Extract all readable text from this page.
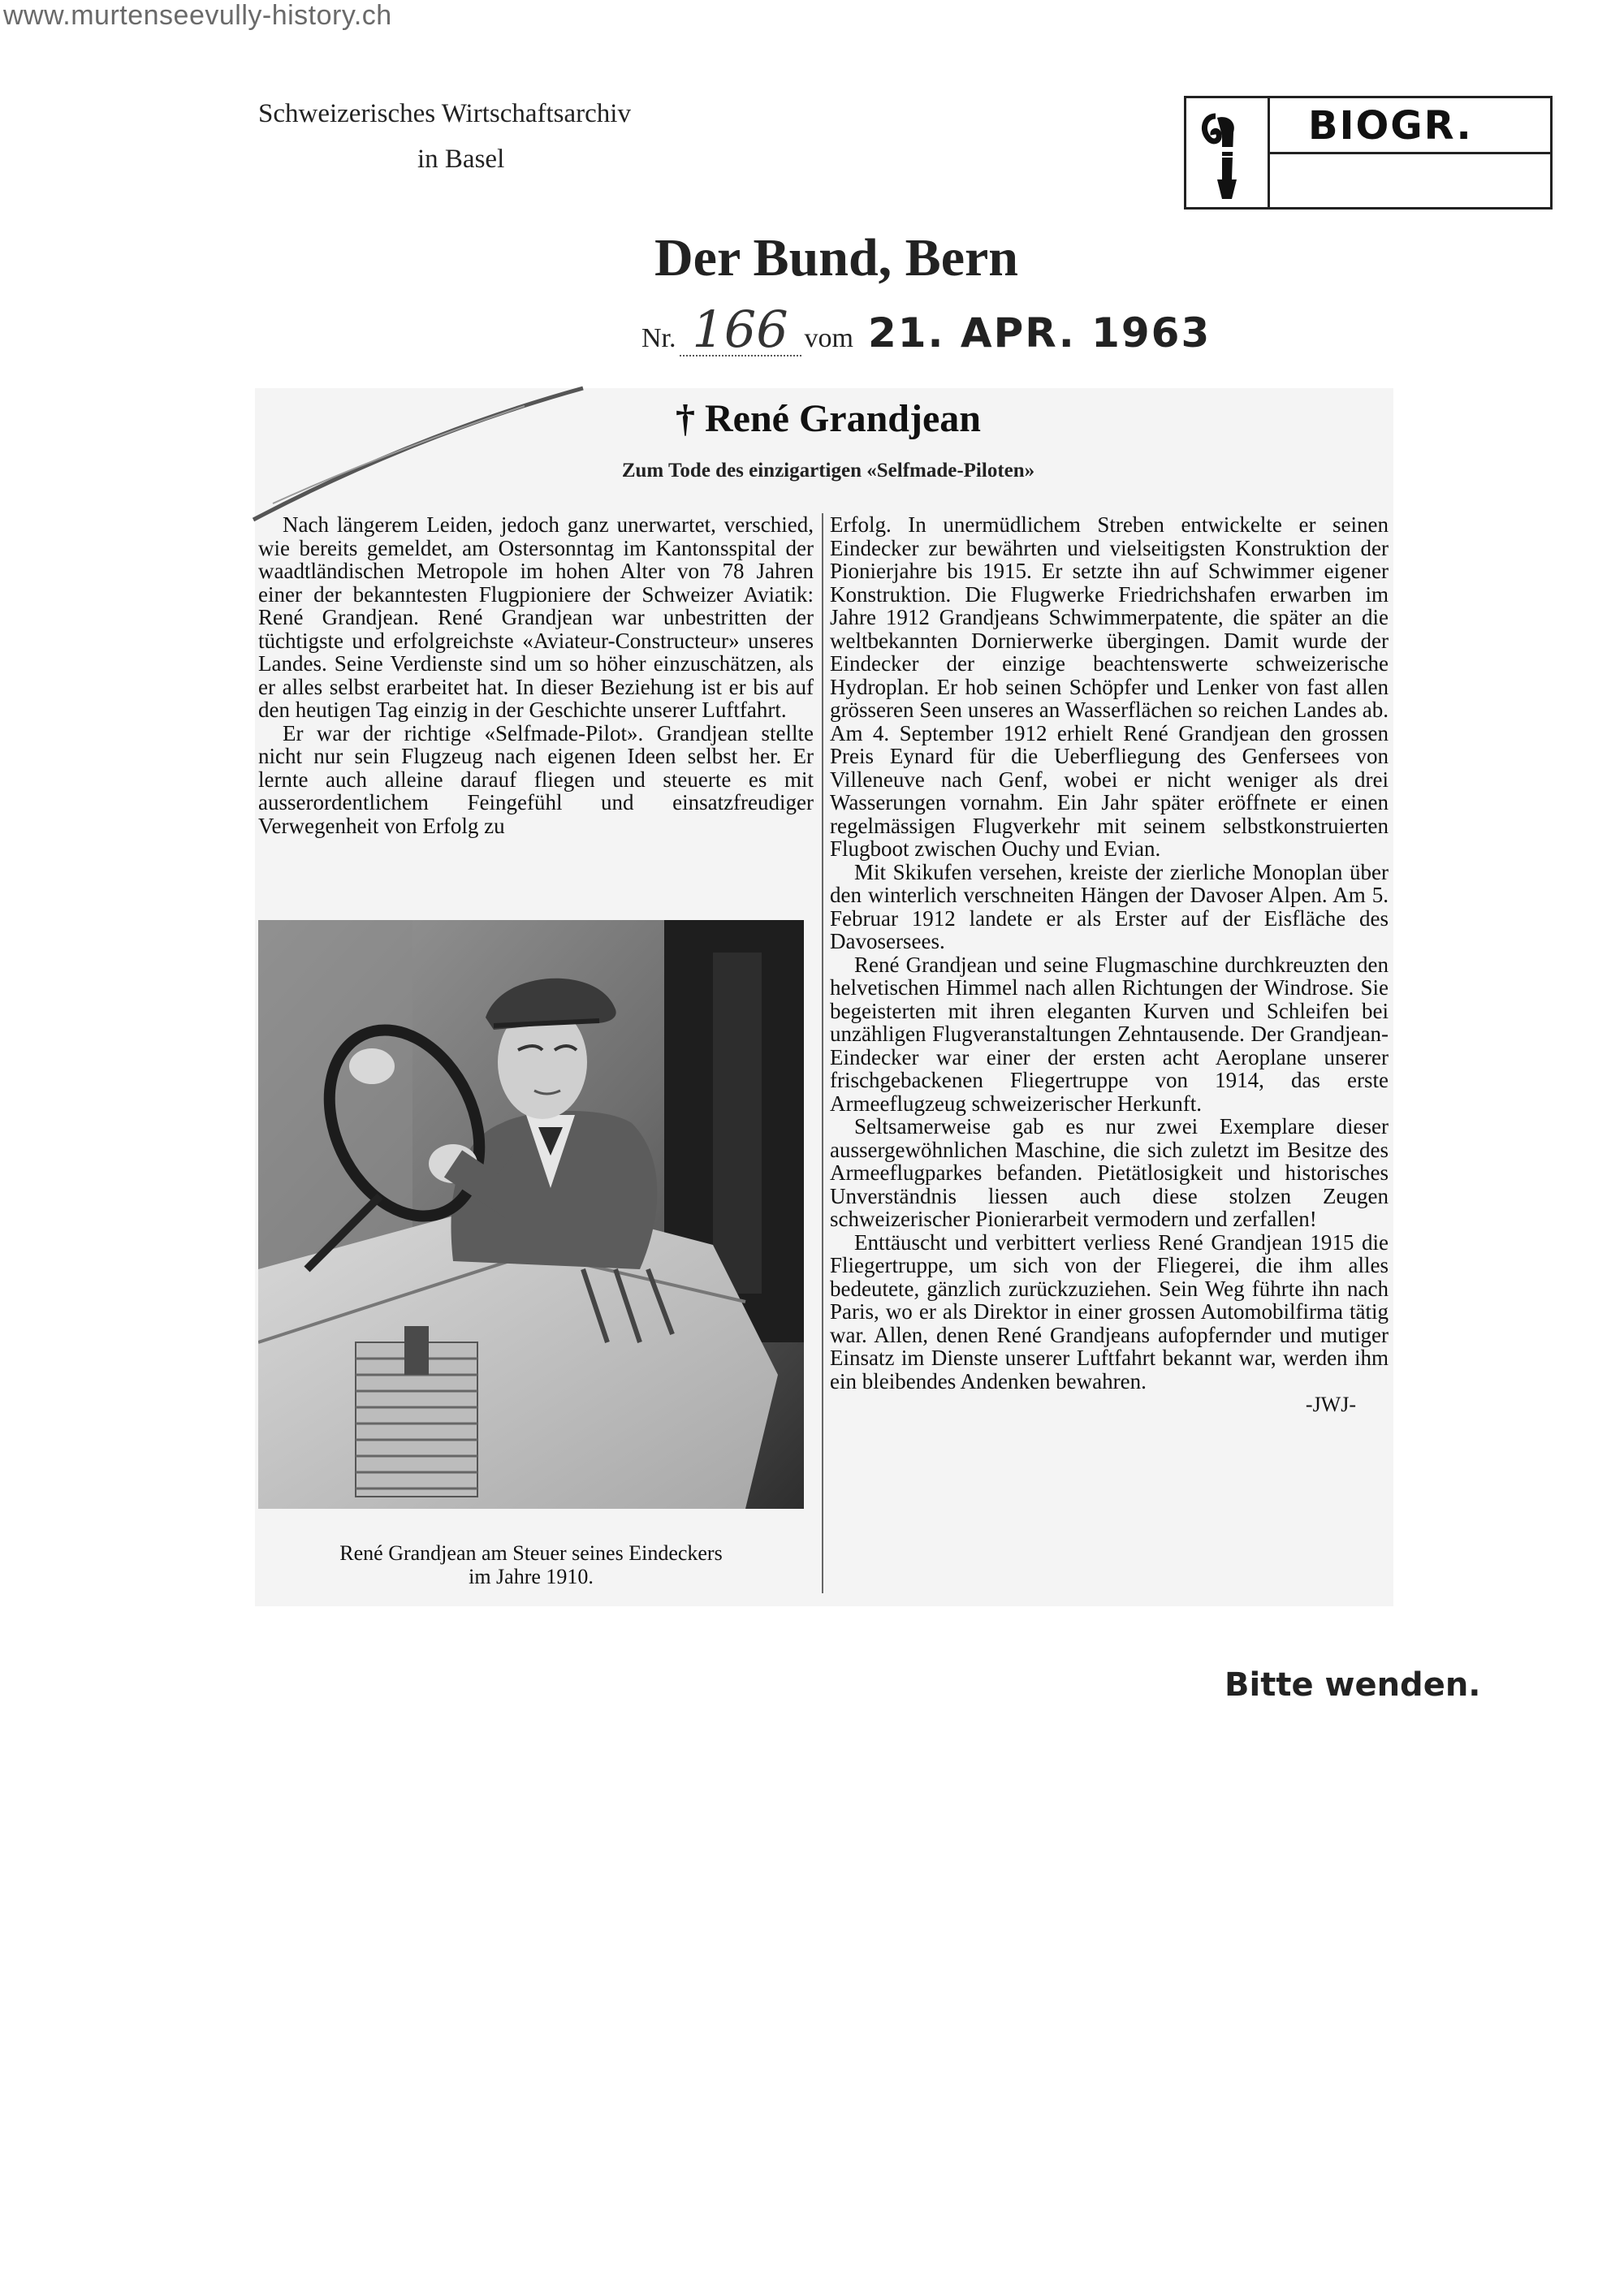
www.murtenseevully-history.ch
Schweizerisches Wirtschaftsarchiv
in Basel
BIOGR.
Der Bund, Bern
Nr. 166 vom 21. APR. 1963
† René Grandjean
Zum Tode des einzigartigen «Selfmade-Piloten»

Nach längerem Leiden, jedoch ganz unerwartet, verschied, wie bereits gemeldet, am Ostersonntag im Kantonsspital der waadtländischen Metropole im hohen Alter von 78 Jahren einer der bekanntesten Flugpioniere der Schweizer Aviatik: René Grandjean. René Grandjean war unbestritten der tüchtigste und erfolgreichste «Aviateur-Constructeur» unseres Landes. Seine Verdienste sind um so höher einzuschätzen, als er alles selbst erarbeitet hat. In dieser Beziehung ist er bis auf den heutigen Tag einzig in der Geschichte unserer Luftfahrt.

Er war der richtige «Selfmade-Pilot». Grandjean stellte nicht nur sein Flugzeug nach eigenen Ideen selbst her. Er lernte auch alleine darauf fliegen und steuerte es mit ausserordentlichem Feingefühl und einsatzfreudiger Verwegenheit von Erfolg zu

Erfolg. In unermüdlichem Streben entwickelte er seinen Eindecker zur bewährten und vielseitigsten Konstruktion der Pionierjahre bis 1915. Er setzte ihn auf Schwimmer eigener Konstruktion. Die Flugwerke Friedrichshafen erwarben im Jahre 1912 Grandjeans Schwimmerpatente, die später an die weltbekannten Dornierwerke übergingen. Damit wurde der Eindecker der einzige beachtenswerte schweizerische Hydroplan. Er hob seinen Schöpfer und Lenker von fast allen grösseren Seen unseres an Wasserflächen so reichen Landes ab. Am 4. September 1912 erhielt René Grandjean den grossen Preis Eynard für die Ueberfliegung des Genfersees von Villeneuve nach Genf, wobei er nicht weniger als drei Wasserungen vornahm. Ein Jahr später eröffnete er einen regelmässigen Flugverkehr mit seinem selbstkonstruierten Flugboot zwischen Ouchy und Evian.

Mit Skikufen versehen, kreiste der zierliche Monoplan über den winterlich verschneiten Hängen der Davoser Alpen. Am 5. Februar 1912 landete er als Erster auf der Eisfläche des Davosersees.

René Grandjean und seine Flugmaschine durchkreuzten den helvetischen Himmel nach allen Richtungen der Windrose. Sie begeisterten mit ihren eleganten Kurven und Schleifen bei unzähligen Flugveranstaltungen Zehntausende. Der Grandjean-Eindecker war einer der ersten acht Aeroplane unserer frischgebackenen Fliegertruppe von 1914, das erste Armeeflugzeug schweizerischer Herkunft.

Seltsamerweise gab es nur zwei Exemplare dieser aussergewöhnlichen Maschine, die sich zuletzt im Besitze des Armeeflugparkes befanden. Pietätlosigkeit und historisches Unverständnis liessen auch diese stolzen Zeugen schweizerischer Pionierarbeit vermodern und zerfallen!

Enttäuscht und verbittert verliess René Grandjean 1915 die Fliegertruppe, um sich von der Fliegerei, die ihm alles bedeutete, gänzlich zurückzuziehen. Sein Weg führte ihn nach Paris, wo er als Direktor in einer grossen Automobilfirma tätig war. Allen, denen René Grandjeans aufopfernder und mutiger Einsatz im Dienste unserer Luftfahrt bekannt war, werden ihm ein bleibendes Andenken bewahren.

-JWJ-
René Grandjean am Steuer seines Eindeckers
im Jahre 1910.
Bitte wenden.
